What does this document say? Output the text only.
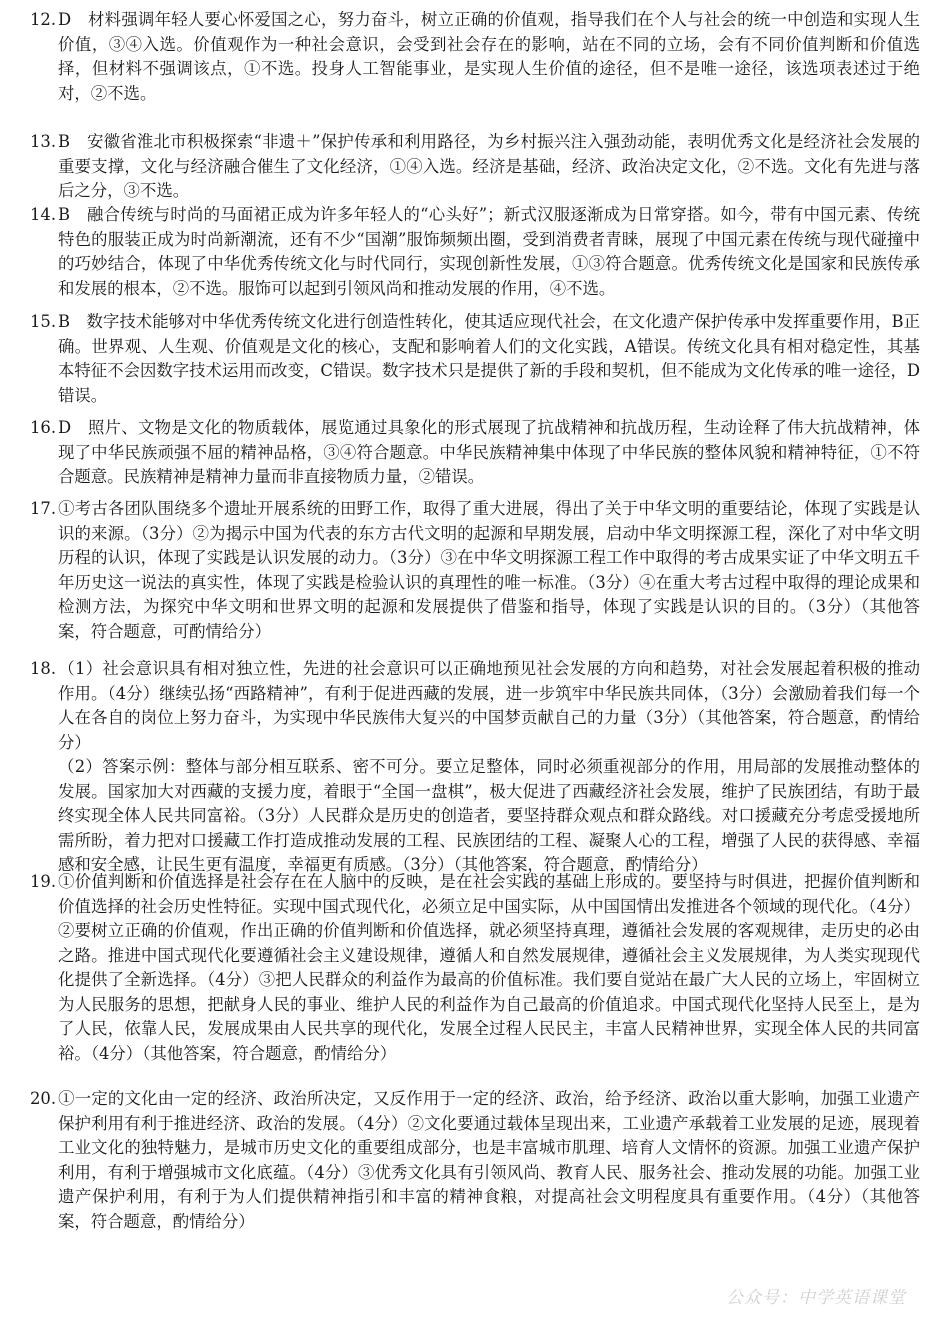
12. D　材料强调年轻人要心怀爱国之心，努力奋斗，树立正确的价值观，指导我们在个人与社会的统一中创造和实现人生价值，③④入选。价值观作为一种社会意识，会受到社会存在的影响，站在不同的立场，会有不同价值判断和价值选择，但材料不强调该点，①不选。投身人工智能事业，是实现人生价值的途径，但不是唯一途径，该选项表述过于绝对，②不选。

13. B　安徽省淮北市积极探索“非遗＋”保护传承和利用路径，为乡村振兴注入强劲动能，表明优秀文化是经济社会发展的重要支撑，文化与经济融合催生了文化经济，①④入选。经济是基础，经济、政治决定文化，②不选。文化有先进与落后之分，③不选。

14. B　融合传统与时尚的马面裙正成为许多年轻人的“心头好”；新式汉服逐渐成为日常穿搭。如今，带有中国元素、传统特色的服装正成为时尚新潮流，还有不少“国潮”服饰频频出圈，受到消费者青睐，展现了中国元素在传统与现代碰撞中的巧妙结合，体现了中华优秀传统文化与时代同行，实现创新性发展，①③符合题意。优秀传统文化是国家和民族传承和发展的根本，②不选。服饰可以起到引领风尚和推动发展的作用，④不选。

15. B　数字技术能够对中华优秀传统文化进行创造性转化，使其适应现代社会，在文化遗产保护传承中发挥重要作用，B正确。世界观、人生观、价值观是文化的核心，支配和影响着人们的文化实践，A错误。传统文化具有相对稳定性，其基本特征不会因数字技术运用而改变，C错误。数字技术只是提供了新的手段和契机，但不能成为文化传承的唯一途径，D错误。

16. D　照片、文物是文化的物质载体，展览通过具象化的形式展现了抗战精神和抗战历程，生动诠释了伟大抗战精神，体现了中华民族顽强不屈的精神品格，③④符合题意。中华民族精神集中体现了中华民族的整体风貌和精神特征，①不符合题意。民族精神是精神力量而非直接物质力量，②错误。

17. ①考古各团队围绕多个遗址开展系统的田野工作，取得了重大进展，得出了关于中华文明的重要结论，体现了实践是认识的来源。（3分）②为揭示中国为代表的东方古代文明的起源和早期发展，启动中华文明探源工程，深化了对中华文明历程的认识，体现了实践是认识发展的动力。（3分）③在中华文明探源工程工作中取得的考古成果实证了中华文明五千年历史这一说法的真实性，体现了实践是检验认识的真理性的唯一标准。（3分）④在重大考古过程中取得的理论成果和检测方法，为探究中华文明和世界文明的起源和发展提供了借鉴和指导，体现了实践是认识的目的。（3分）（其他答案，符合题意，可酌情给分）

18. （1）社会意识具有相对独立性，先进的社会意识可以正确地预见社会发展的方向和趋势，对社会发展起着积极的推动作用。（4分）继续弘扬“西路精神”，有利于促进西藏的发展，进一步筑牢中华民族共同体，（3分）会激励着我们每一个人在各自的岗位上努力奋斗，为实现中华民族伟大复兴的中国梦贡献自己的力量（3分）（其他答案，符合题意，酌情给分）

（2）答案示例：整体与部分相互联系、密不可分。要立足整体，同时必须重视部分的作用，用局部的发展推动整体的发展。国家加大对西藏的支援力度，着眼于“全国一盘棋”，极大促进了西藏经济社会发展，维护了民族团结，有助于最终实现全体人民共同富裕。（3分）人民群众是历史的创造者，要坚持群众观点和群众路线。对口援藏充分考虑受援地所需所盼，着力把对口援藏工作打造成推动发展的工程、民族团结的工程、凝聚人心的工程，增强了人民的获得感、幸福感和安全感，让民生更有温度，幸福更有质感。（3分）（其他答案，符合题意，酌情给分）

19. ①价值判断和价值选择是社会存在在人脑中的反映，是在社会实践的基础上形成的。要坚持与时俱进，把握价值判断和价值选择的社会历史性特征。实现中国式现代化，必须立足中国实际，从中国国情出发推进各个领域的现代化。（4分）②要树立正确的价值观，作出正确的价值判断和价值选择，就必须坚持真理，遵循社会发展的客观规律，走历史的必由之路。推进中国式现代化要遵循社会主义建设规律，遵循人和自然发展规律，遵循社会主义发展规律，为人类实现现代化提供了全新选择。（4分）③把人民群众的利益作为最高的价值标准。我们要自觉站在最广大人民的立场上，牢固树立为人民服务的思想，把献身人民的事业、维护人民的利益作为自己最高的价值追求。中国式现代化坚持人民至上，是为了人民，依靠人民，发展成果由人民共享的现代化，发展全过程人民民主，丰富人民精神世界，实现全体人民的共同富裕。（4分）（其他答案，符合题意，酌情给分）

20. ①一定的文化由一定的经济、政治所决定，又反作用于一定的经济、政治，给予经济、政治以重大影响，加强工业遗产保护利用有利于推进经济、政治的发展。（4分）②文化要通过载体呈现出来，工业遗产承载着工业发展的足迹，展现着工业文化的独特魅力，是城市历史文化的重要组成部分，也是丰富城市肌理、培育人文情怀的资源。加强工业遗产保护利用，有利于增强城市文化底蕴。（4分）③优秀文化具有引领风尚、教育人民、服务社会、推动发展的功能。加强工业遗产保护利用，有利于为人们提供精神指引和丰富的精神食粮，对提高社会文明程度具有重要作用。（4分）（其他答案，符合题意，酌情给分）

公众号：中学英语课堂
